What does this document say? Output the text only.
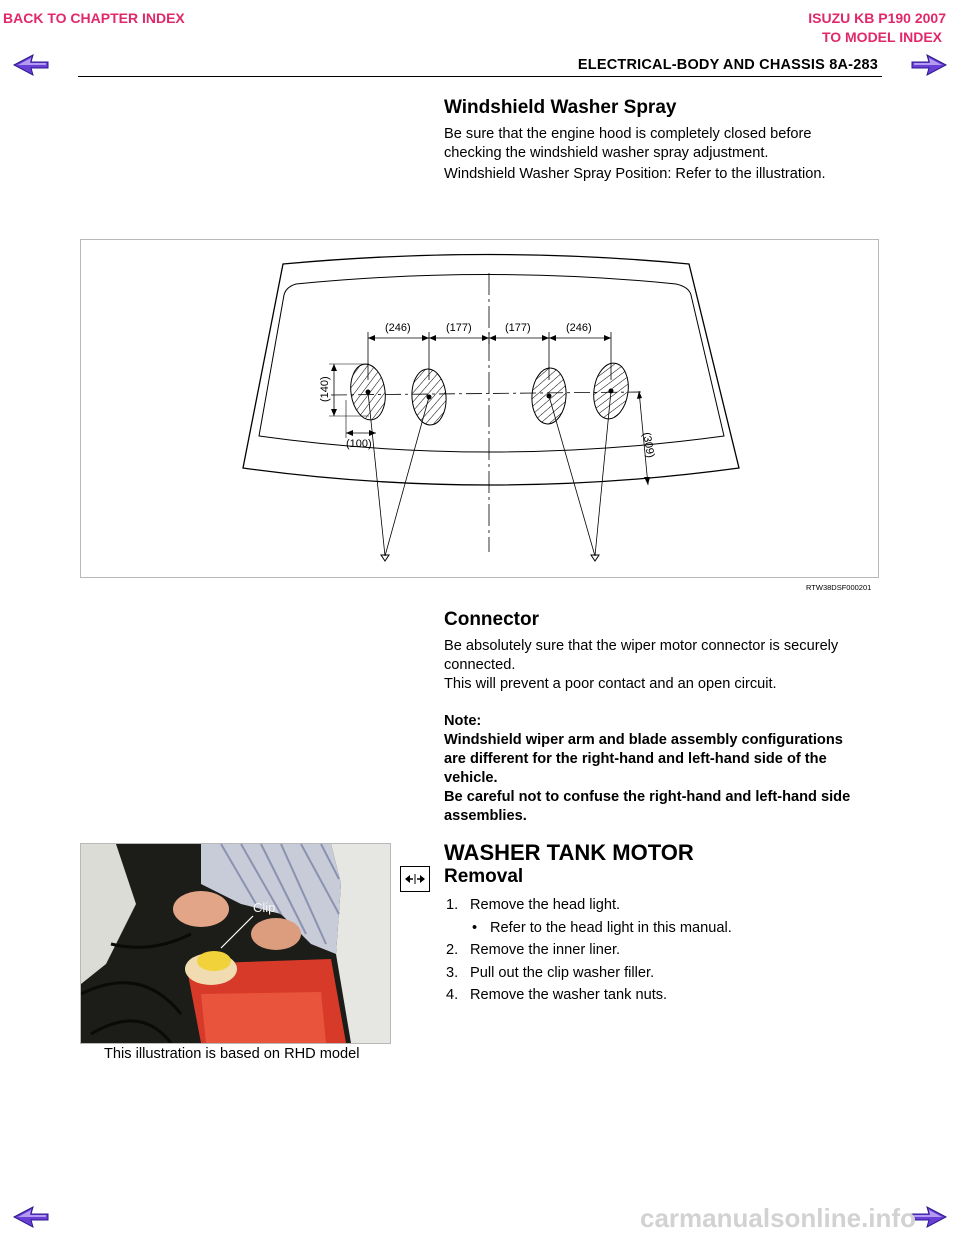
BACK TO CHAPTER INDEX	ISUZU KB P190 2007
TO MODEL INDEX
ELECTRICAL-BODY AND CHASSIS 8A-283
Windshield Washer Spray

Be sure that the engine hood is completely closed before

checking the windshield washer spray adjustment.

Windshield Washer Spray Position: Refer to the illustration.

(246)	(177)	(177)	(246)
(140)
(100)	(309)
RTW38DSF000201
Connector

Be absolutely sure that the wiper motor connector is securely

connected.

This will prevent a poor contact and an open circuit.

Note:

Windshield wiper arm and blade assembly configurations

are different for the right-hand and left-hand side of the

vehicle.

Be careful not to confuse the right-hand and left-hand side

assemblies.

Clip
This illustration is based on RHD model
WASHER TANK MOTOR
Removal
1. Remove the head light.
• Refer to the head light in this manual.
2. Remove the inner liner.
3. Pull out the clip washer filler.
4. Remove the washer tank nuts.
carmanualsonline.info
